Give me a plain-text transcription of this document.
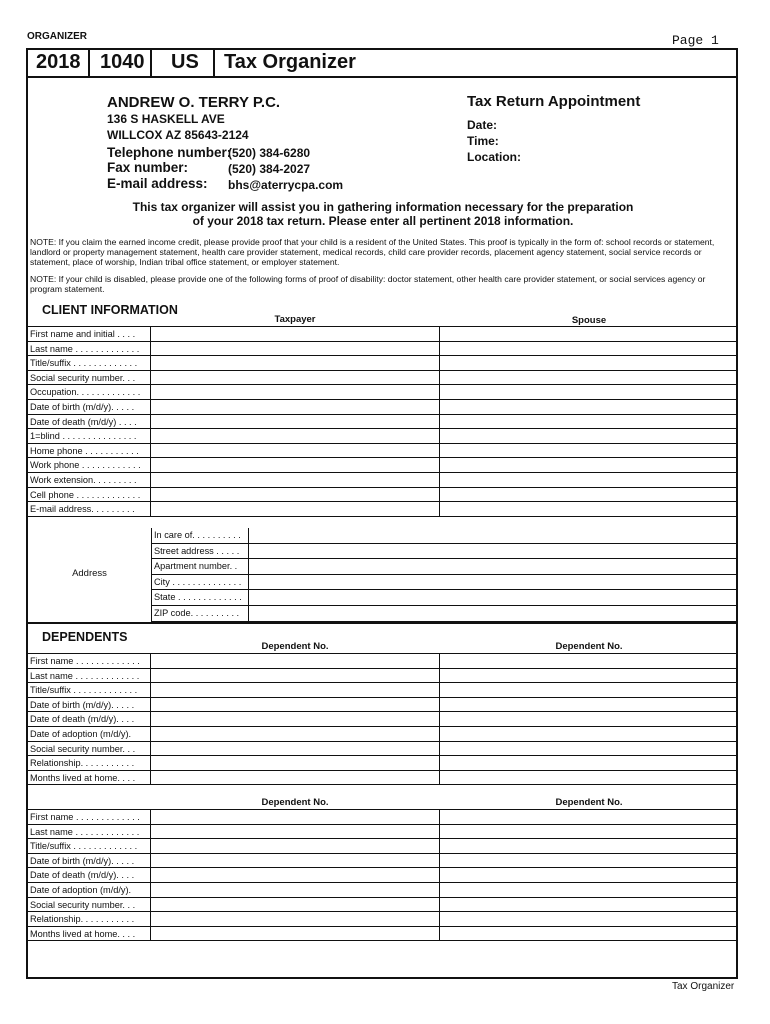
ORGANIZER	Page 1
2018 1040 US Tax Organizer
ANDREW O. TERRY P.C.
136 S HASKELL AVE
WILLCOX AZ 85643-2124
Telephone number:
(520) 384-6280
Fax number:	(520) 384-2027
E-mail address: bhs@aterrycpa.com
Tax Return Appointment
Date:
Time:
Location:
This tax organizer will assist you in gathering information necessary for the preparation
of your 2018 tax return. Please enter all pertinent 2018 information.
NOTE: If you claim the earned income credit, please provide proof that your child is a resident of the United States. This proof is typically in the form of: school records or statement, landlord or property management statement, health care provider statement, medical records, child care provider records, placement agency statement, social service records or statement, place of worship, Indian tribal office statement, or employer statement.
NOTE: If your child is disabled, please provide one of the following forms of proof of disability: doctor statement, other health care provider statement, or social services agency or program statement.
CLIENT INFORMATION
Taxpayer	Spouse
First name and initial . . . .
Last name . . . . . . . . . . . . .
Title/suffix . . . . . . . . . . . . .
Social security number. . .
Occupation. . . . . . . . . . . . .
Date of birth (m/d/y). . . . .
Date of death (m/d/y) . . . .
1=blind . . . . . . . . . . . . . . .
Home phone . . . . . . . . . . .
Work phone . . . . . . . . . . . .
Work extension. . . . . . . . .
Cell phone . . . . . . . . . . . . .
E-mail address. . . . . . . . .
Address
In care of. . . . . . . . . .
Street address . . . . .
Apartment number. .
City . . . . . . . . . . . . . .
State . . . . . . . . . . . . .
ZIP code. . . . . . . . . .
DEPENDENTS
Dependent No.	Dependent No.
First name . . . . . . . . . . . . .
Last name . . . . . . . . . . . . .
Title/suffix . . . . . . . . . . . . .
Date of birth (m/d/y). . . . .
Date of death (m/d/y). . . .
Date of adoption (m/d/y).
Social security number. . .
Relationship. . . . . . . . . . .
Months lived at home. . . .
Dependent No.	Dependent No.
First name . . . . . . . . . . . . .
Last name . . . . . . . . . . . . .
Title/suffix . . . . . . . . . . . . .
Date of birth (m/d/y). . . . .
Date of death (m/d/y). . . .
Date of adoption (m/d/y).
Social security number. . .
Relationship. . . . . . . . . . .
Months lived at home. . . .
Tax Organizer
